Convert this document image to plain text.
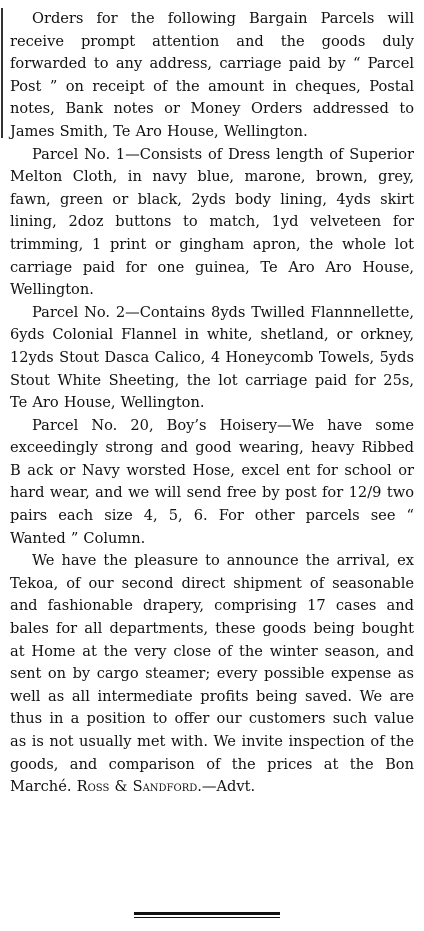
Orders for the following Bargain Parcels will receive prompt attention and the goods duly forwarded to any address, carriage paid by “ Parcel Post ” on receipt of the amount in cheques, Postal notes, Bank notes or Money Orders addressed to James Smith, Te Aro House, Wellington.

Parcel No. 1—Consists of Dress length of Superior Melton Cloth, in navy blue, marone, brown, grey, fawn, green or black, 2yds body lining, 4yds skirt lining, 2doz buttons to match, 1yd velveteen for trimming, 1 print or gingham apron, the whole lot carriage paid for one guinea, Te Aro Aro House, Wellington.

Parcel No. 2—Contains 8yds Twilled Flannnellette, 6yds Colonial Flannel in white, shetland, or orkney, 12yds Stout Dasca Calico, 4 Honeycomb Towels, 5yds Stout White Sheeting, the lot carriage paid for 25s, Te Aro House, Wellington.

Parcel No. 20, Boy’s Hoisery—We have some exceedingly strong and good wearing, heavy Ribbed B ack or Navy worsted Hose, excel ent for school or hard wear, and we will send free by post for 12/9 two pairs each size 4, 5, 6. For other parcels see “ Wanted ” Column.

We have the pleasure to announce the arrival, ex Tekoa, of our second direct shipment of seasonable and fashionable drapery, comprising 17 cases and bales for all departments, these goods being bought at Home at the very close of the winter season, and sent on by cargo steamer; every possible expense as well as all intermediate profits being saved. We are thus in a position to offer our customers such value as is not usually met with. We invite inspection of the goods, and comparison of the prices at the Bon Marché. Ross & Sandford.—Advt.
